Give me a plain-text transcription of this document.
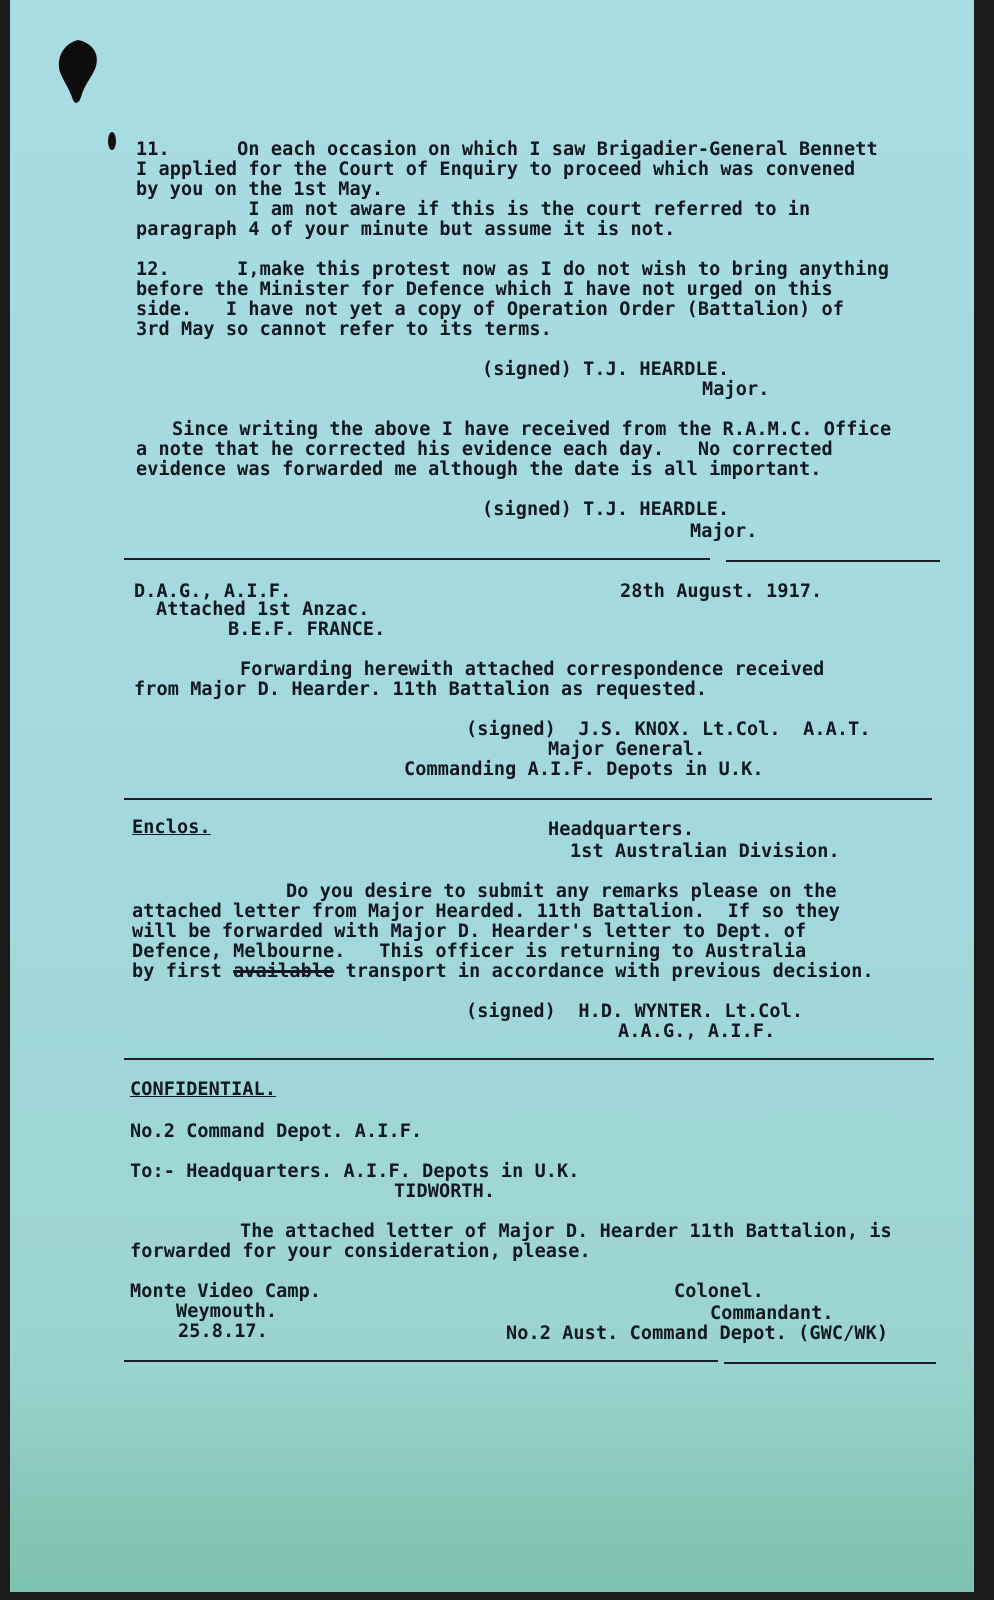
11.      On each occasion on which I saw Brigadier-General Bennett
I applied for the Court of Enquiry to proceed which was convened
by you on the 1st May.
I am not aware if this is the court referred to in
paragraph 4 of your minute but assume it is not.
12.      I,make this protest now as I do not wish to bring anything
before the Minister for Defence which I have not urged on this
side.   I have not yet a copy of Operation Order (Battalion) of
3rd May so cannot refer to its terms.
(signed) T.J. HEARDLE.
Major.
Since writing the above I have received from the R.A.M.C. Office
a note that he corrected his evidence each day.   No corrected
evidence was forwarded me although the date is all important.
(signed) T.J. HEARDLE.
Major.
D.A.G., A.I.F.	28th August. 1917.
Attached 1st Anzac.
B.E.F. FRANCE.
Forwarding herewith attached correspondence received
from Major D. Hearder. 11th Battalion as requested.
(signed)  J.S. KNOX. Lt.Col.  A.A.T.
Major General.
Commanding A.I.F. Depots in U.K.
Enclos.	Headquarters.
1st Australian Division.
Do you desire to submit any remarks please on the
attached letter from Major Hearded. 11th Battalion.  If so they
will be forwarded with Major D. Hearder's letter to Dept. of
Defence, Melbourne.   This officer is returning to Australia
by first available transport in accordance with previous decision.
(signed)  H.D. WYNTER. Lt.Col.
A.A.G., A.I.F.
CONFIDENTIAL.
No.2 Command Depot. A.I.F.
To:- Headquarters. A.I.F. Depots in U.K.
TIDWORTH.
The attached letter of Major D. Hearder 11th Battalion, is
forwarded for your consideration, please.
Monte Video Camp.	Colonel.
Weymouth.	Commandant.
25.8.17.	No.2 Aust. Command Depot. (GWC/WK)
